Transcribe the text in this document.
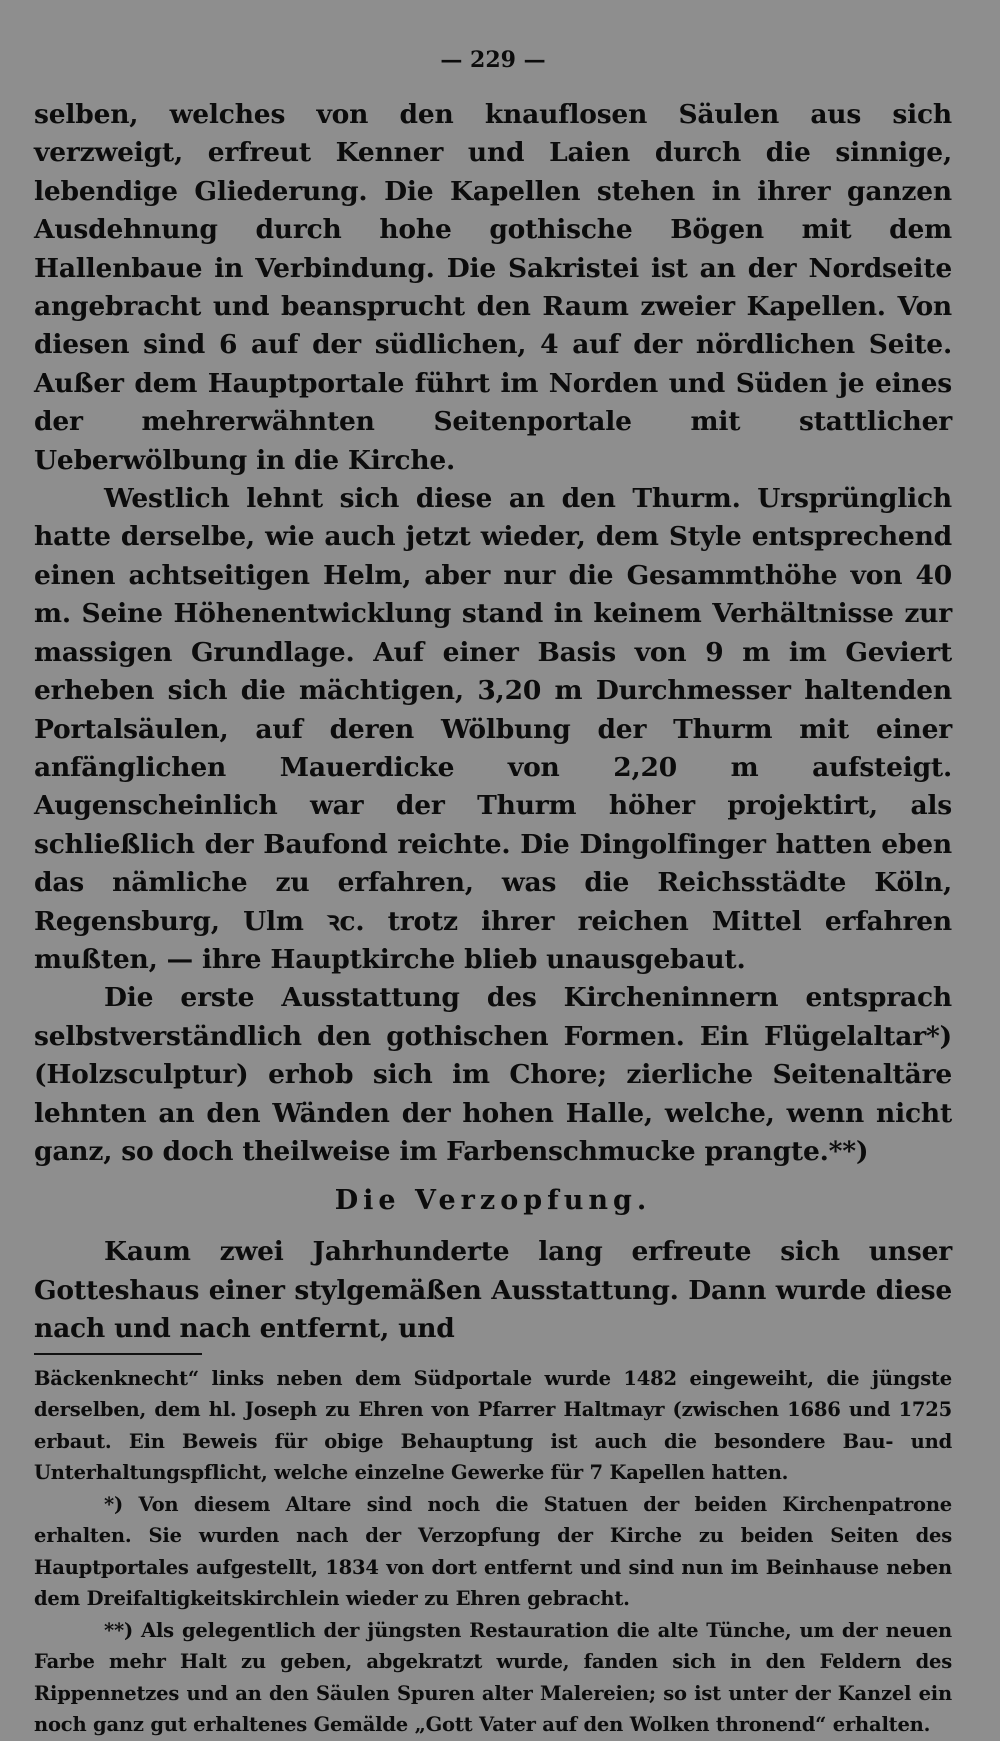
— 229 —

selben, welches von den knauflosen Säulen aus sich verzweigt, erfreut Kenner und Laien durch die sinnige, lebendige Gliederung. Die Kapellen stehen in ihrer ganzen Ausdehnung durch hohe gothische Bögen mit dem Hallenbaue in Verbindung. Die Sakristei ist an der Nordseite angebracht und beansprucht den Raum zweier Kapellen. Von diesen sind 6 auf der südlichen, 4 auf der nördlichen Seite. Außer dem Hauptportale führt im Norden und Süden je eines der mehrerwähnten Seitenportale mit stattlicher Ueberwölbung in die Kirche.

Westlich lehnt sich diese an den Thurm. Ursprünglich hatte derselbe, wie auch jetzt wieder, dem Style entsprechend einen achtseitigen Helm, aber nur die Gesammthöhe von 40 m. Seine Höhenentwicklung stand in keinem Verhältnisse zur massigen Grundlage. Auf einer Basis von 9 m im Geviert erheben sich die mächtigen, 3,20 m Durchmesser haltenden Portalsäulen, auf deren Wölbung der Thurm mit einer anfänglichen Mauerdicke von 2,20 m aufsteigt. Augenscheinlich war der Thurm höher projektirt, als schließlich der Baufond reichte. Die Dingolfinger hatten eben das nämliche zu erfahren, was die Reichsstädte Köln, Regensburg, Ulm ꝛc. trotz ihrer reichen Mittel erfahren mußten, — ihre Hauptkirche blieb unausgebaut.

Die erste Ausstattung des Kircheninnern entsprach selbstverständlich den gothischen Formen. Ein Flügelaltar*) (Holzsculptur) erhob sich im Chore; zierliche Seitenaltäre lehnten an den Wänden der hohen Halle, welche, wenn nicht ganz, so doch theilweise im Farbenschmucke prangte.**)

Die Verzopfung.

Kaum zwei Jahrhunderte lang erfreute sich unser Gotteshaus einer stylgemäßen Ausstattung. Dann wurde diese nach und nach entfernt, und

Bäckenknecht“ links neben dem Südportale wurde 1482 eingeweiht, die jüngste derselben, dem hl. Joseph zu Ehren von Pfarrer Haltmayr (zwischen 1686 und 1725 erbaut. Ein Beweis für obige Behauptung ist auch die besondere Bau- und Unterhaltungspflicht, welche einzelne Gewerke für 7 Kapellen hatten.

*) Von diesem Altare sind noch die Statuen der beiden Kirchenpatrone erhalten. Sie wurden nach der Verzopfung der Kirche zu beiden Seiten des Hauptportales aufgestellt, 1834 von dort entfernt und sind nun im Beinhause neben dem Dreifaltigkeitskirchlein wieder zu Ehren gebracht.

**) Als gelegentlich der jüngsten Restauration die alte Tünche, um der neuen Farbe mehr Halt zu geben, abgekratzt wurde, fanden sich in den Feldern des Rippennetzes und an den Säulen Spuren alter Malereien; so ist unter der Kanzel ein noch ganz gut erhaltenes Gemälde „Gott Vater auf den Wolken thronend“ erhalten.
